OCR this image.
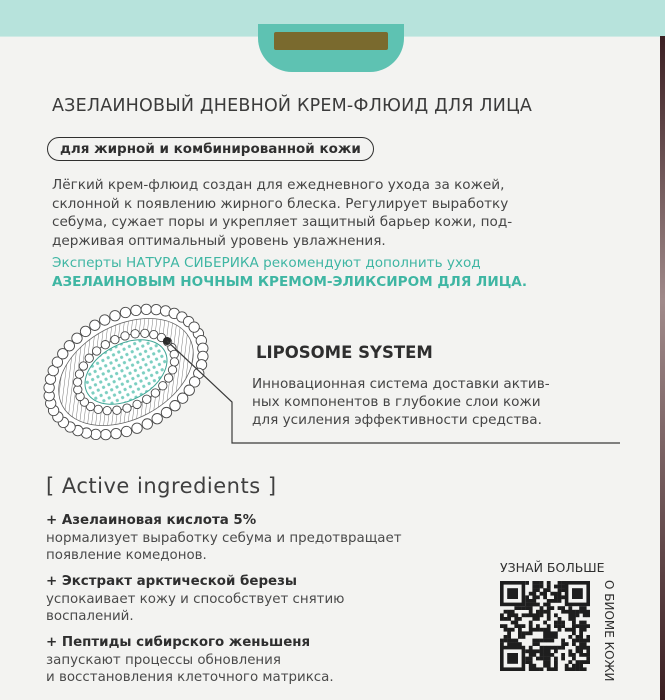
АЗЕЛАИНОВЫЙ ДНЕВНОЙ КРЕМ-ФЛЮИД ДЛЯ ЛИЦА
для жирной и комбинированной кожи

Лёгкий крем-флюид создан для ежедневного ухода за кожей,

склонной к появлению жирного блеска. Регулирует выработку

себума, сужает поры и укрепляет защитный барьер кожи, под-

держивая оптимальный уровень увлажнения.

Эксперты НАТУРА СИБЕРИКА рекомендуют дополнить уход

АЗЕЛАИНОВЫМ НОЧНЫМ КРЕМОМ-ЭЛИКСИРОМ ДЛЯ ЛИЦА.

LIPOSOME SYSTEM

Инновационная система доставки актив-

ных компонентов в глубокие слои кожи

для усиления эффективности средства.

[ Active ingredients ]
+ Азелаиновая кислота 5%

нормализует выработку себума и предотвращает

появление комедонов.

+ Экстракт арктической березы

успокаивает кожу и способствует снятию

воспалений.

+ Пептиды сибирского женьшеня

запускают процессы обновления

и восстановления клеточного матрикса.

УЗНАЙ БОЛЬШЕ
О БИОМЕ КОЖИ
